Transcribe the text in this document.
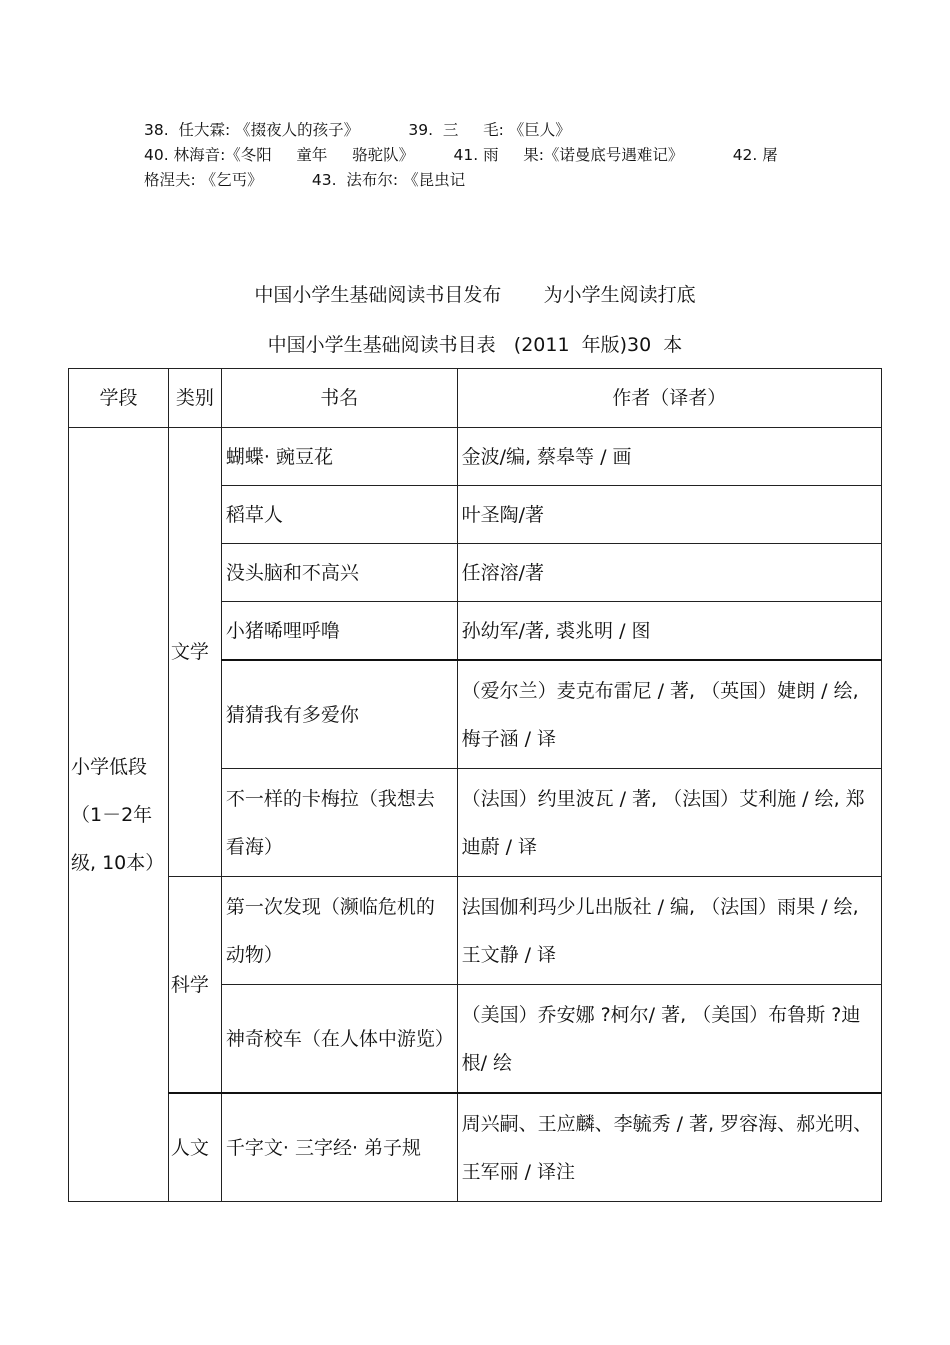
38.  任大霖: 《掇夜人的孩子》          39.  三     毛: 《巨人》

40. 林海音:《冬阳     童年     骆驼队》        41. 雨     果:《诺曼底号遇难记》          42. 屠

格涅夫: 《乞丐》          43.  法布尔: 《昆虫记

中国小学生基础阅读书目发布       为小学生阅读打底
中国小学生基础阅读书目表   (2011  年版)30  本
学段	类别	书名	作者（译者）
小学低段（1－2年级, 10本）	文学	蝴蝶· 豌豆花	金波/编, 蔡皋等 / 画
		稻草人	叶圣陶/著
		没头脑和不高兴	任溶溶/著
		小猪唏哩呼噜	孙幼军/著, 裘兆明 / 图
		猜猜我有多爱你	（爱尔兰）麦克布雷尼 / 著, （英国）婕朗 / 绘, 梅子涵 / 译
		不一样的卡梅拉（我想去看海）	（法国）约里波瓦 / 著, （法国）艾利施 / 绘, 郑迪蔚 / 译
	科学	第一次发现（濒临危机的动物）	法国伽利玛少儿出版社 / 编, （法国）雨果 / 绘, 王文静 / 译
		神奇校车（在人体中游览）	（美国）乔安娜 ?柯尔/ 著, （美国）布鲁斯 ?迪根/ 绘
	人文	千字文· 三字经· 弟子规	周兴嗣、王应麟、李毓秀 / 著, 罗容海、郝光明、王军丽 / 译注
